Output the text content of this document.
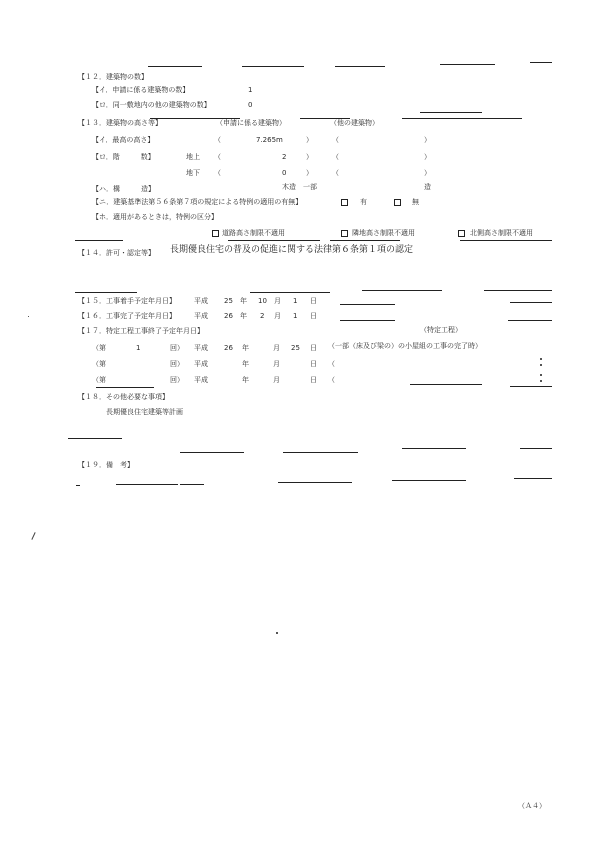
【１２．建築物の数】
【イ．申請に係る建築物の数】	1
【ロ．同一敷地内の他の建築物の数】	0
【１３．建築物の高さ等】	（申請に係る建築物）	（他の建築物）
【イ．最高の高さ】	（	7.265m	）	（	）
【ロ．階　　　数】	地上 （	2	）	（	）
地下 （	0	）	（	）
【ハ．構　　　造】	木造　一部	造
【ニ．建築基準法第５６条第７項の規定による特例の適用の有無】	有	無
【ホ．適用があるときは，特例の区分】
道路高さ制限不適用	隣地高さ制限不適用	北側高さ制限不適用
【１４．許可・認定等】 長期優良住宅の普及の促進に関する法律第６条第１項の認定
【１５．工事着手予定年月日】	平成 25 年 10 月 1 日
【１６．工事完了予定年月日】	平成 26 年 2 月 1 日
【１７．特定工程工事終了予定年月日】	（特定工程）
（第	1	回） 平成 26 年	月 25 日 （一部（床及び梁の）の小屋組の工事の完了時）
（第	回） 平成	年	月	日 （
（第	回） 平成	年	月	日 （
【１８．その他必要な事項】
長期優良住宅建築等計画
【１９．備　考】
（Ａ４）
